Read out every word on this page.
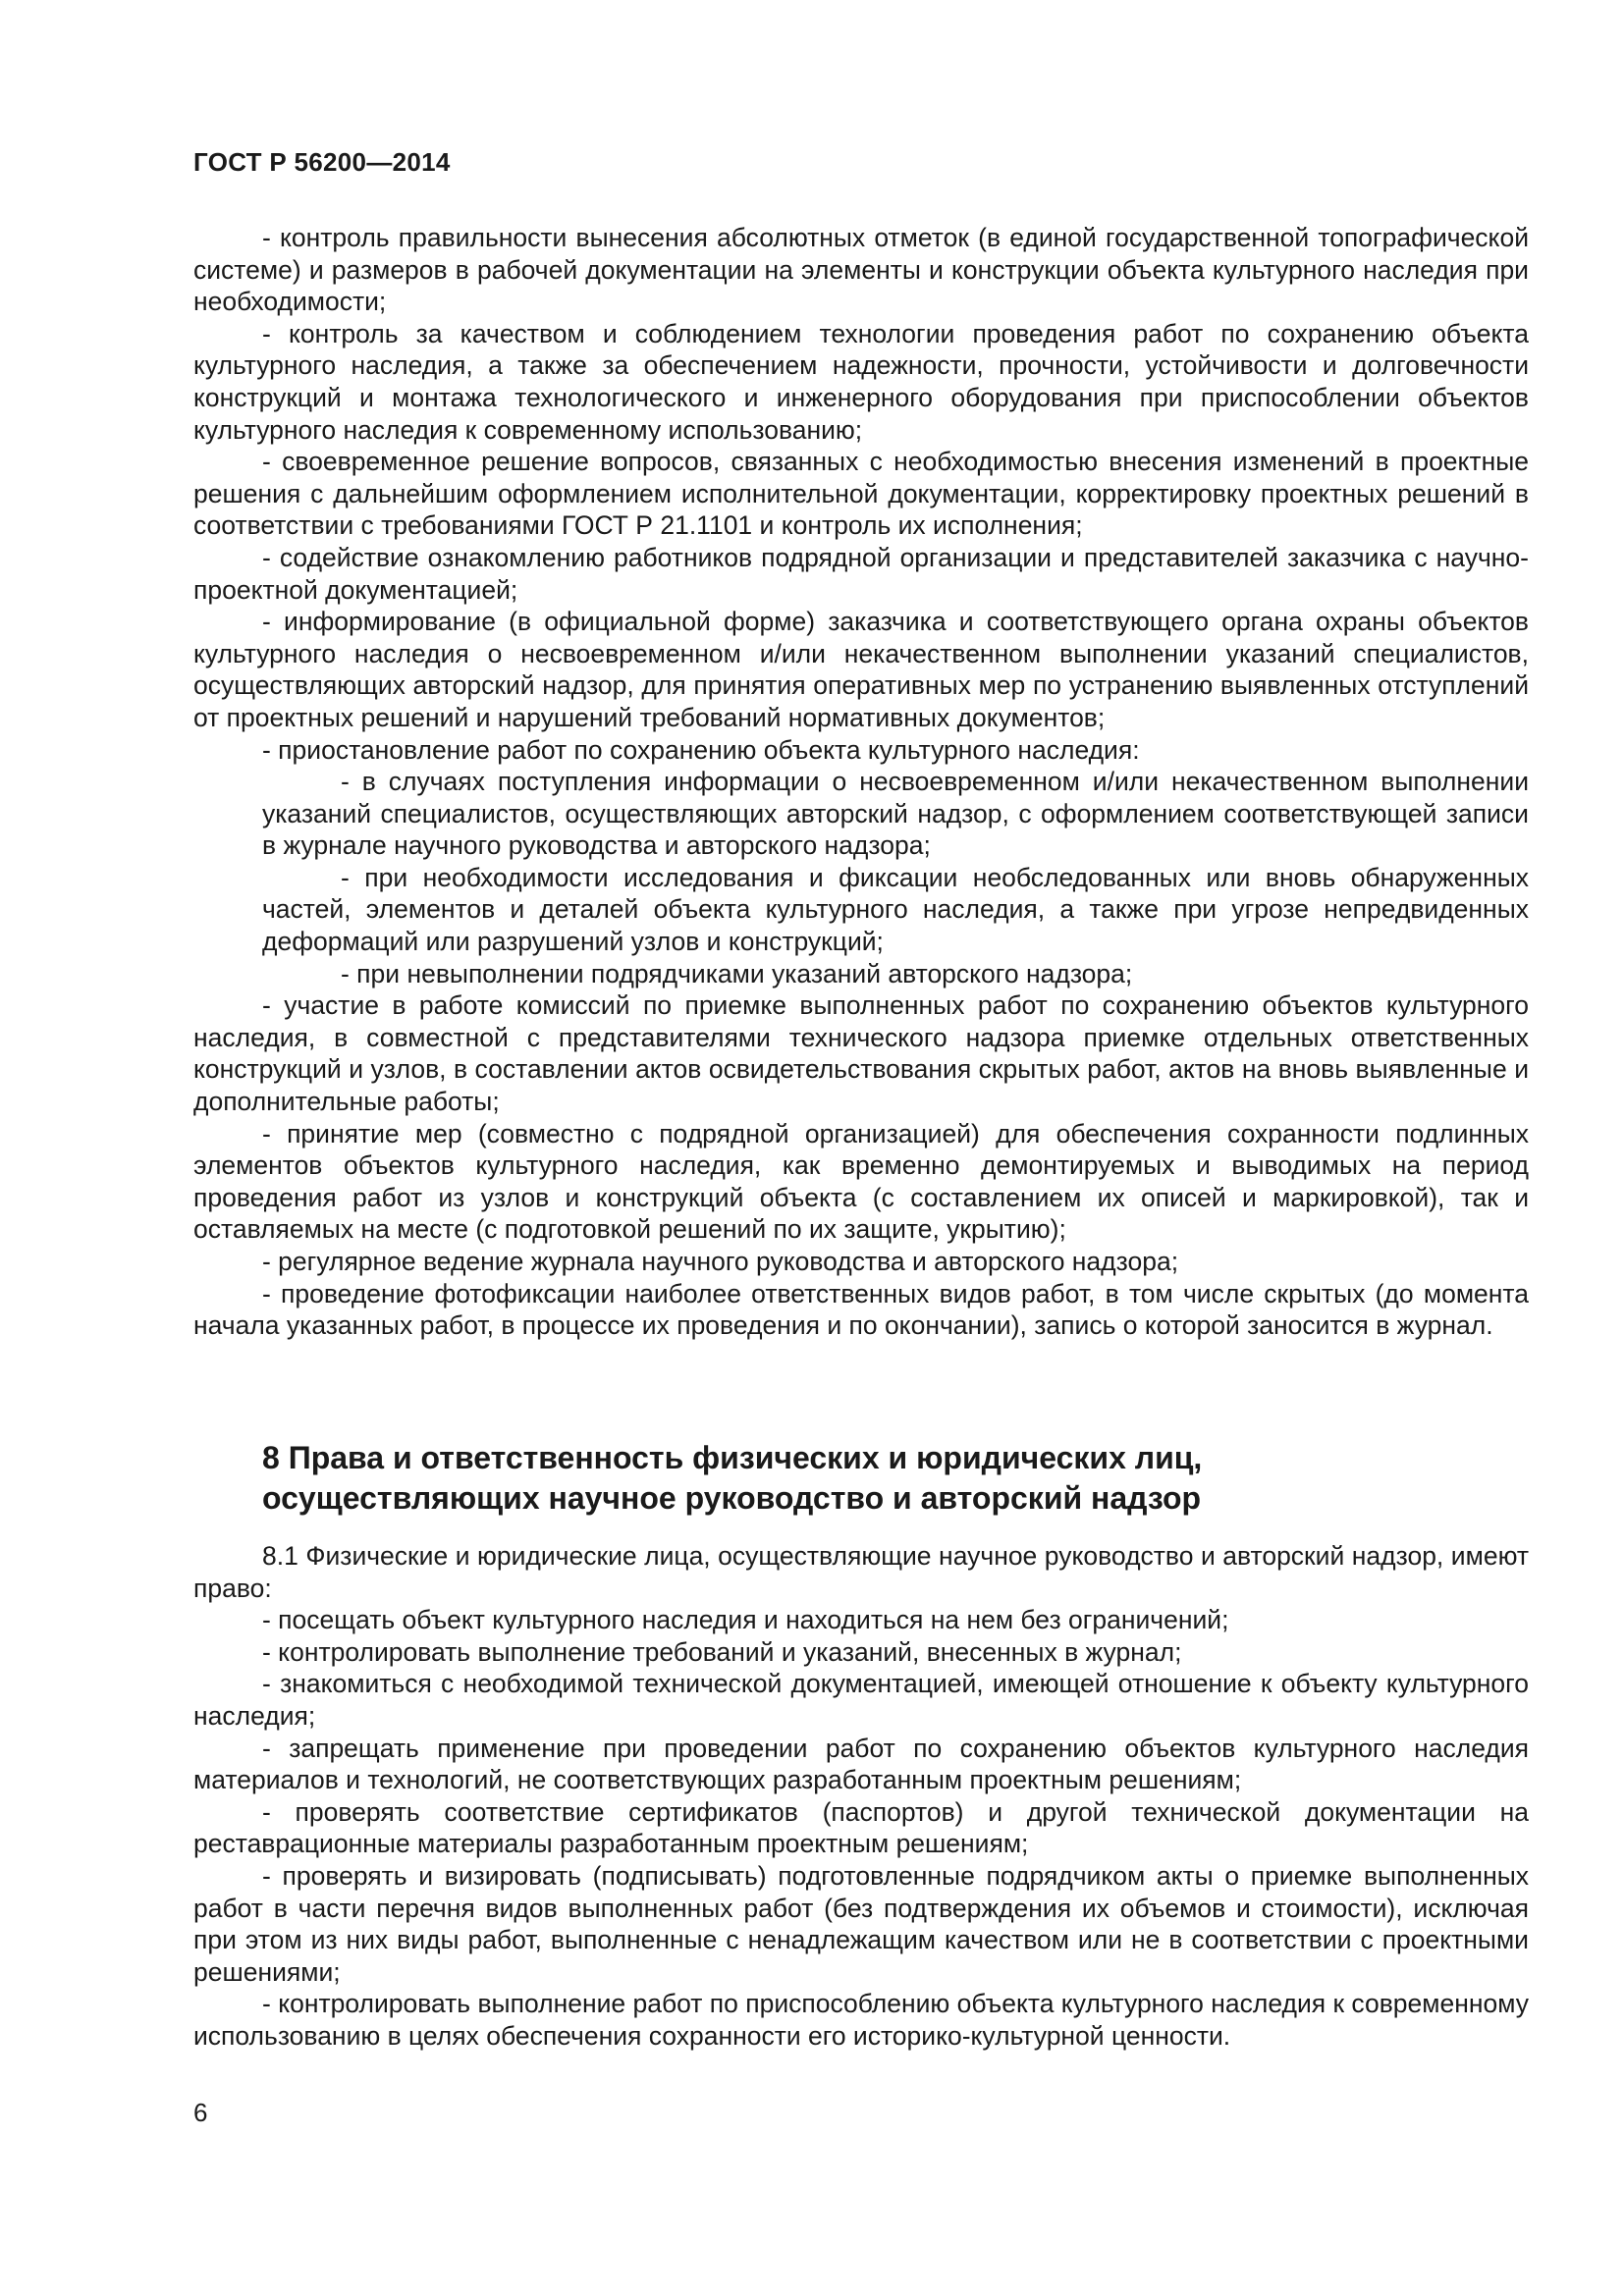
ГОСТ Р 56200—2014

- контроль правильности вынесения абсолютных отметок (в единой государственной топографической системе) и размеров в рабочей документации на элементы и конструкции объекта культурного наследия при необходимости;

- контроль за качеством и соблюдением технологии проведения работ по сохранению объекта культурного наследия, а также за обеспечением надежности, прочности, устойчивости и долговечности конструкций и монтажа технологического и инженерного оборудования при приспособлении объектов культурного наследия к современному использованию;

- своевременное решение вопросов, связанных с необходимостью внесения изменений в проектные решения с дальнейшим оформлением исполнительной документации, корректировку проектных решений в соответствии с требованиями ГОСТ Р 21.1101 и контроль их исполнения;

- содействие ознакомлению работников подрядной организации и представителей заказчика с научно-проектной документацией;

- информирование (в официальной форме) заказчика и соответствующего органа охраны объектов культурного наследия о несвоевременном и/или некачественном выполнении указаний специалистов, осуществляющих авторский надзор, для принятия оперативных мер по устранению выявленных отступлений от проектных решений и нарушений требований нормативных документов;

- приостановление работ по сохранению объекта культурного наследия:

- в случаях поступления информации о несвоевременном и/или некачественном выполнении указаний специалистов, осуществляющих авторский надзор, с оформлением соответствующей записи в журнале научного руководства и авторского надзора;

- при необходимости исследования и фиксации необследованных или вновь обнаруженных частей, элементов и деталей объекта культурного наследия, а также при угрозе непредвиденных деформаций или разрушений узлов и конструкций;

- при невыполнении подрядчиками указаний авторского надзора;

- участие в работе комиссий по приемке выполненных работ по сохранению объектов культурного наследия, в совместной с представителями технического надзора приемке отдельных ответственных конструкций и узлов, в составлении актов освидетельствования скрытых работ, актов на вновь выявленные и дополнительные работы;

- принятие мер (совместно с подрядной организацией) для обеспечения сохранности подлинных элементов объектов культурного наследия, как временно демонтируемых и выводимых на период проведения работ из узлов и конструкций объекта (с составлением их описей и маркировкой), так и оставляемых на месте (с подготовкой решений по их защите, укрытию);

- регулярное ведение журнала научного руководства и авторского надзора;

- проведение фотофиксации наиболее ответственных видов работ, в том числе скрытых (до момента начала указанных работ, в процессе их проведения и по окончании), запись о которой заносится в журнал.

8 Права и ответственность физических и юридических лиц,
осуществляющих научное руководство и авторский надзор

8.1 Физические и юридические лица, осуществляющие научное руководство и авторский надзор, имеют право:

- посещать объект культурного наследия и находиться на нем без ограничений;

- контролировать выполнение требований и указаний, внесенных в журнал;

- знакомиться с необходимой технической документацией, имеющей отношение к объекту культурного наследия;

- запрещать применение при проведении работ по сохранению объектов культурного наследия материалов и технологий, не соответствующих разработанным проектным решениям;

- проверять соответствие сертификатов (паспортов) и другой технической документации на реставрационные материалы разработанным проектным решениям;

- проверять и визировать (подписывать) подготовленные подрядчиком акты о приемке выполненных работ в части перечня видов выполненных работ (без подтверждения их объемов и стоимости), исключая при этом из них виды работ, выполненные с ненадлежащим качеством или не в соответствии с проектными решениями;

- контролировать выполнение работ по приспособлению объекта культурного наследия к современному использованию в целях обеспечения сохранности его историко-культурной ценности.

6
